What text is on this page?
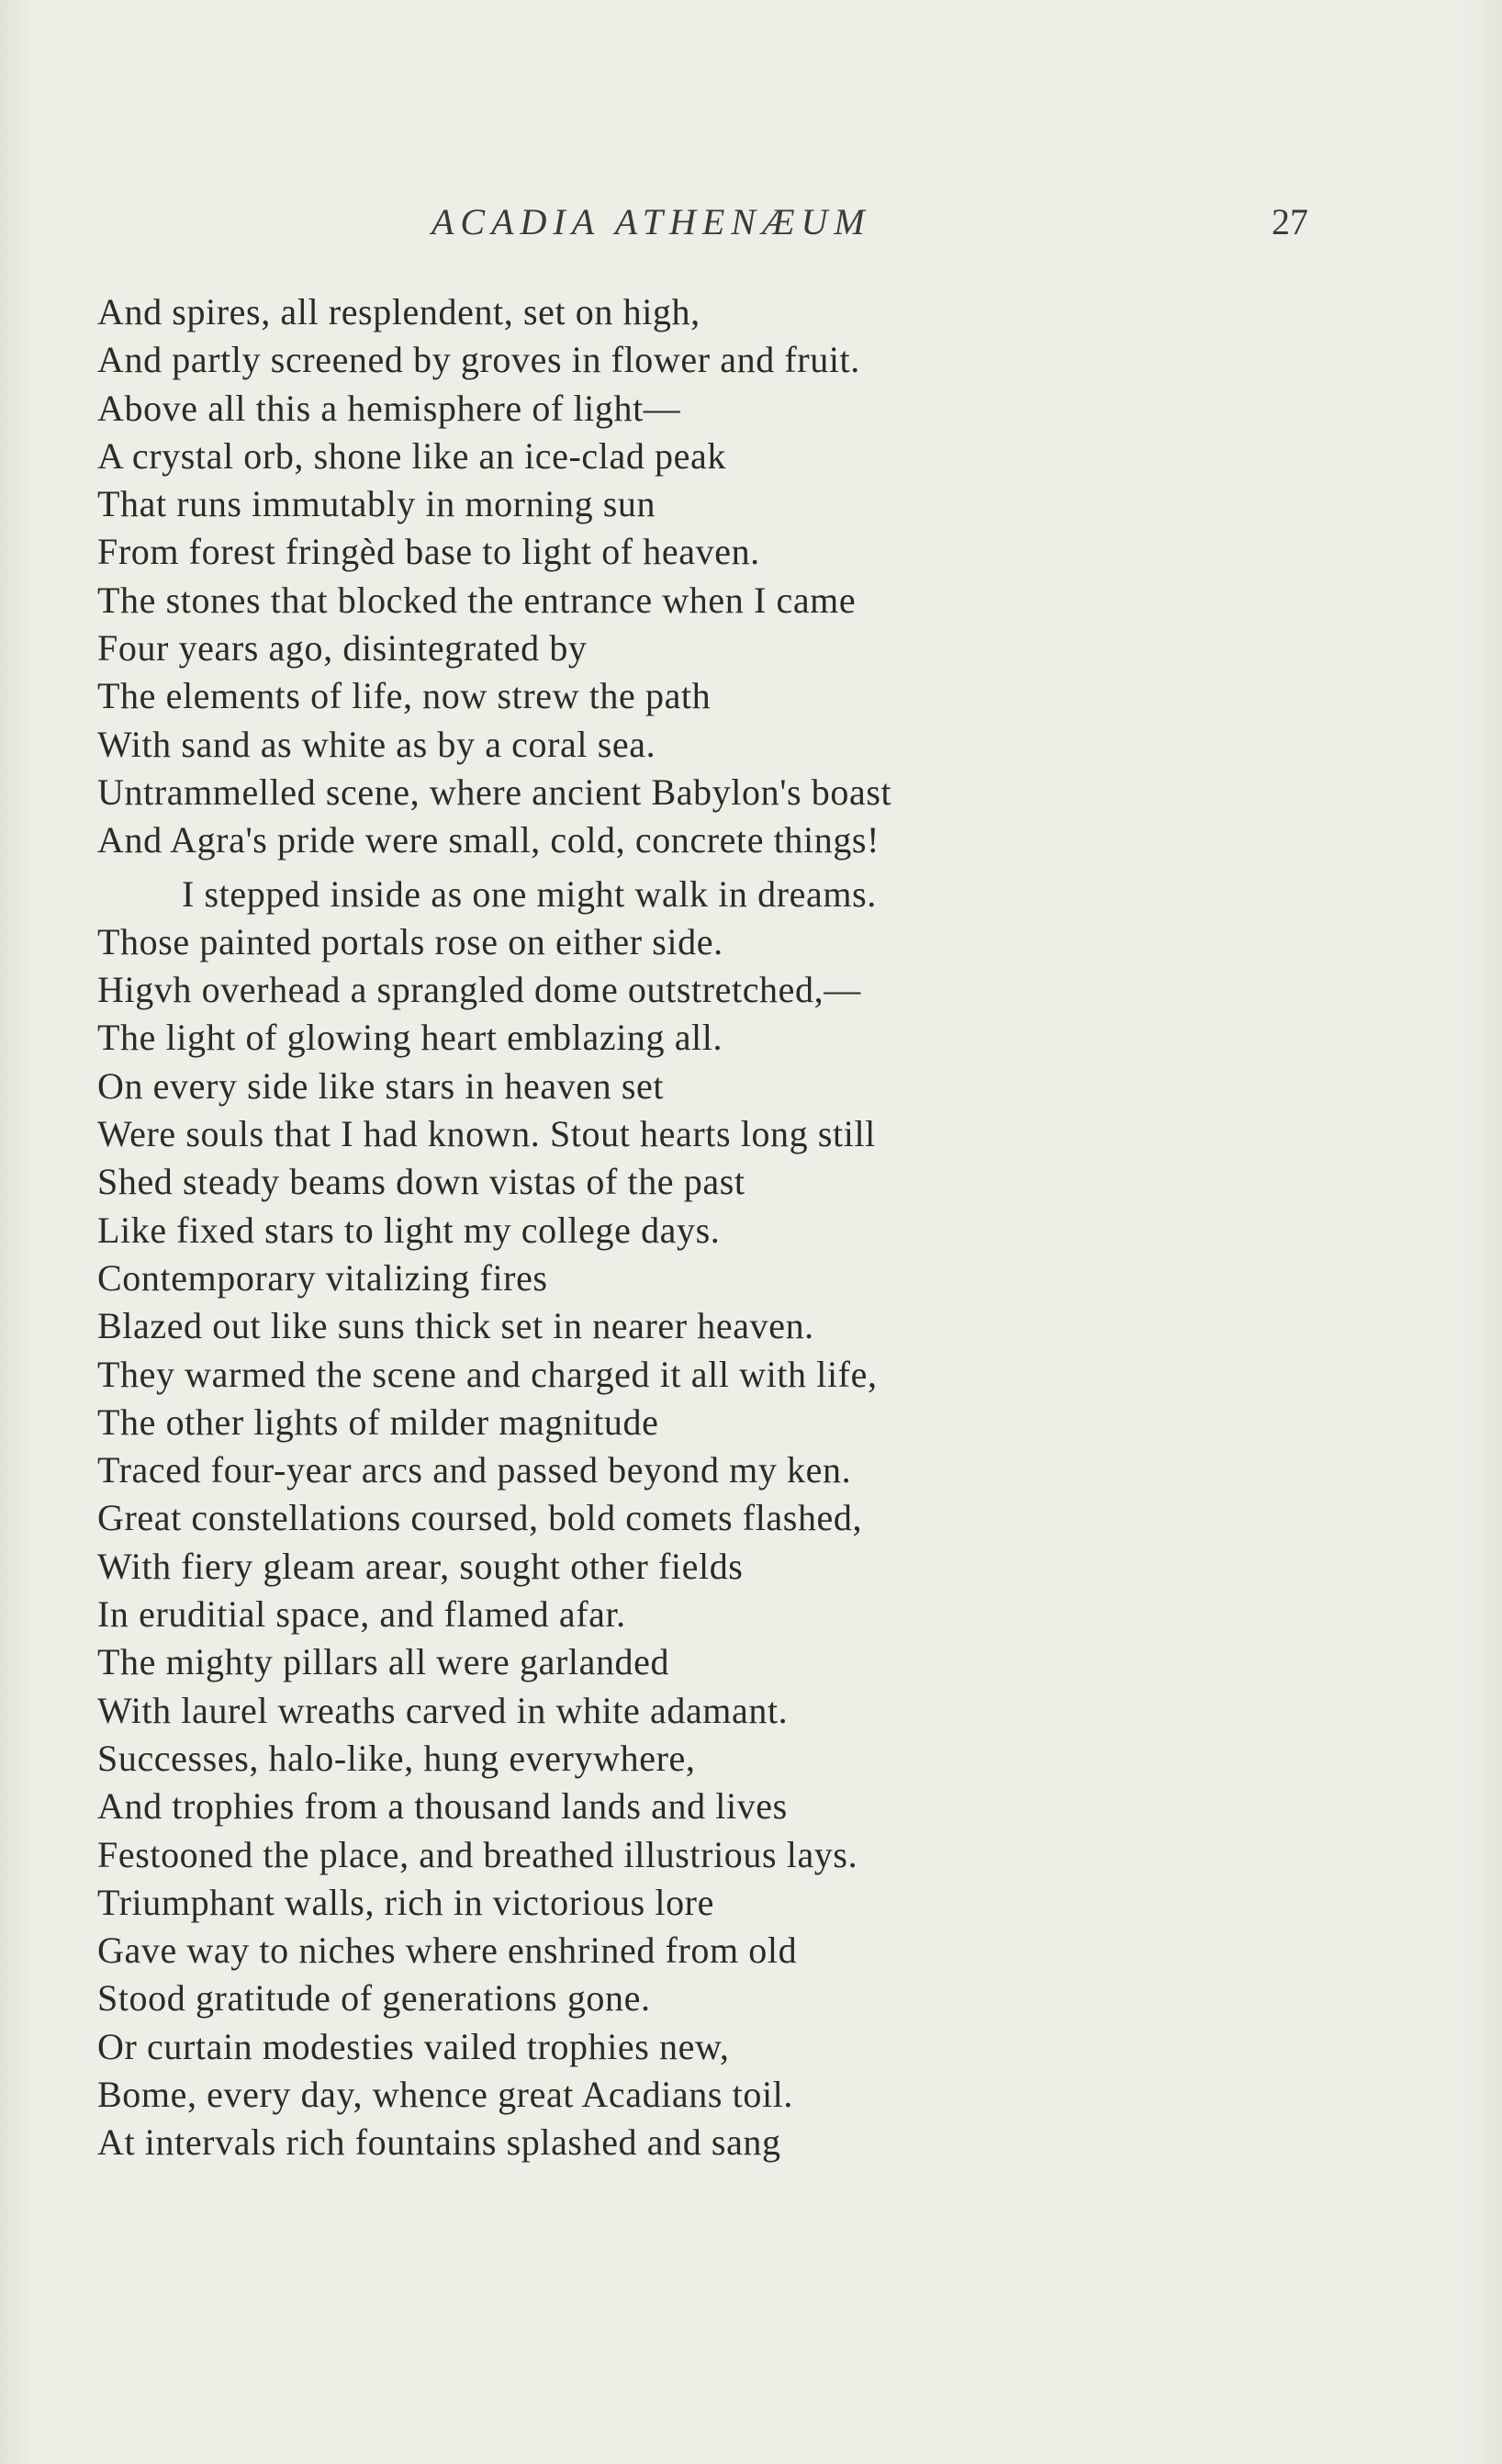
ACADIA ATHENÆUM	27
And spires, all resplendent, set on high,
And partly screened by groves in flower and fruit.
Above all this a hemisphere of light—
A crystal orb, shone like an ice-clad peak
That runs immutably in morning sun
From forest fringèd base to light of heaven.
The stones that blocked the entrance when I came
Four years ago, disintegrated by
The elements of life, now strew the path
With sand as white as by a coral sea.
Untrammelled scene, where ancient Babylon's boast
And Agra's pride were small, cold, concrete things!
I stepped inside as one might walk in dreams.
Those painted portals rose on either side.
Higvh overhead a sprangled dome outstretched,—
The light of glowing heart emblazing all.
On every side like stars in heaven set
Were souls that I had known. Stout hearts long still
Shed steady beams down vistas of the past
Like fixed stars to light my college days.
Contemporary vitalizing fires
Blazed out like suns thick set in nearer heaven.
They warmed the scene and charged it all with life,
The other lights of milder magnitude
Traced four-year arcs and passed beyond my ken.
Great constellations coursed, bold comets flashed,
With fiery gleam arear, sought other fields
In eruditial space, and flamed afar.
The mighty pillars all were garlanded
With laurel wreaths carved in white adamant.
Successes, halo-like, hung everywhere,
And trophies from a thousand lands and lives
Festooned the place, and breathed illustrious lays.
Triumphant walls, rich in victorious lore
Gave way to niches where enshrined from old
Stood gratitude of generations gone.
Or curtain modesties vailed trophies new,
Bome, every day, whence great Acadians toil.
At intervals rich fountains splashed and sang
